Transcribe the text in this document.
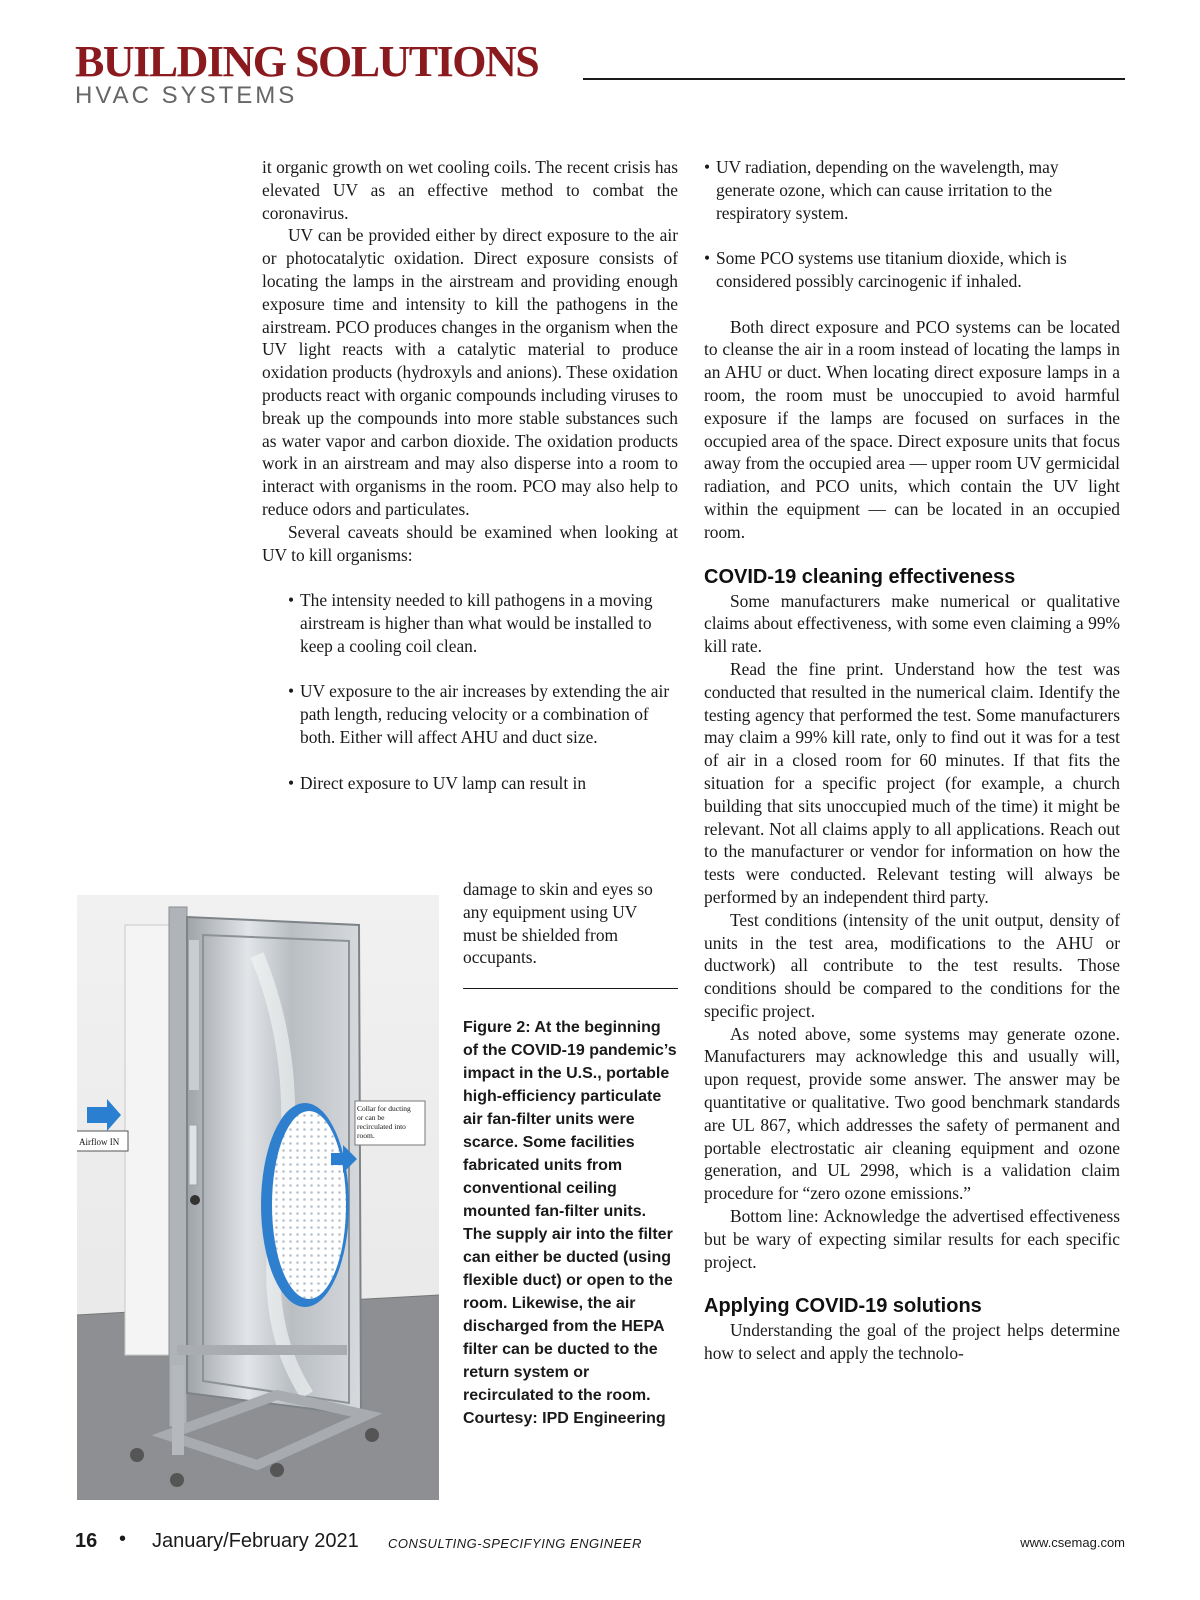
BUILDING SOLUTIONS
HVAC SYSTEMS

it organic growth on wet cooling coils. The recent crisis has elevated UV as an effective method to combat the coronavirus.

UV can be provided either by direct exposure to the air or photocatalytic oxidation. Direct exposure consists of locating the lamps in the airstream and providing enough exposure time and intensity to kill the pathogens in the airstream. PCO produces changes in the organism when the UV light reacts with a catalytic material to produce oxidation products (hydroxyls and anions). These oxidation products react with organic compounds including viruses to break up the compounds into more stable substances such as water vapor and carbon dioxide. The oxidation products work in an airstream and may also disperse into a room to interact with organisms in the room. PCO may also help to reduce odors and particulates.

Several caveats should be examined when looking at UV to kill organisms:

• The intensity needed to kill pathogens in a moving airstream is higher than what would be installed to keep a cooling coil clean.
• UV exposure to the air increases by extending the air path length, reducing velocity or a combination of both. Either will affect AHU and duct size.
• Direct exposure to UV lamp can result in
damage to skin and eyes so any equipment using UV must be shielded from occupants.
Figure 2: At the beginning of the COVID-19 pandemic’s impact in the U.S., portable high-efficiency particulate air fan-filter units were scarce. Some facilities fabricated units from conventional ceiling mounted fan-filter units. The supply air into the filter can either be ducted (using flexible duct) or open to the room. Likewise, the air discharged from the HEPA filter can be ducted to the return system or recirculated to the room. Courtesy: IPD Engineering
Airflow IN
Collar for ducting
or can be
recirculated into
room.
• UV radiation, depending on the wavelength, may generate ozone, which can cause irritation to the respiratory system.
• Some PCO systems use titanium dioxide, which is considered possibly carcinogenic if inhaled.

Both direct exposure and PCO systems can be located to cleanse the air in a room instead of locating the lamps in an AHU or duct. When locating direct exposure lamps in a room, the room must be unoccupied to avoid harmful exposure if the lamps are focused on surfaces in the occupied area of the space. Direct exposure units that focus away from the occupied area — upper room UV germicidal radiation, and PCO units, which contain the UV light within the equipment — can be located in an occupied room.

COVID-19 cleaning effectiveness

Some manufacturers make numerical or qualitative claims about effectiveness, with some even claiming a 99% kill rate.

Read the fine print. Understand how the test was conducted that resulted in the numerical claim. Identify the testing agency that performed the test. Some manufacturers may claim a 99% kill rate, only to find out it was for a test of air in a closed room for 60 minutes. If that fits the situation for a specific project (for example, a church building that sits unoccupied much of the time) it might be relevant. Not all claims apply to all applications. Reach out to the manufacturer or vendor for information on how the tests were conducted. Relevant testing will always be performed by an independent third party.

Test conditions (intensity of the unit output, density of units in the test area, modifications to the AHU or ductwork) all contribute to the test results. Those conditions should be compared to the conditions for the specific project.

As noted above, some systems may generate ozone. Manufacturers may acknowledge this and usually will, upon request, provide some answer. The answer may be quantitative or qualitative. Two good benchmark standards are UL 867, which addresses the safety of permanent and portable electrostatic air cleaning equipment and ozone generation, and UL 2998, which is a validation claim procedure for “zero ozone emissions.”

Bottom line: Acknowledge the advertised effectiveness but be wary of expecting similar results for each specific project.

Applying COVID-19 solutions

Understanding the goal of the project helps determine how to select and apply the technolo-

16 • January/February 2021 CONSULTING-SPECIFYING ENGINEER	www.csemag.com
